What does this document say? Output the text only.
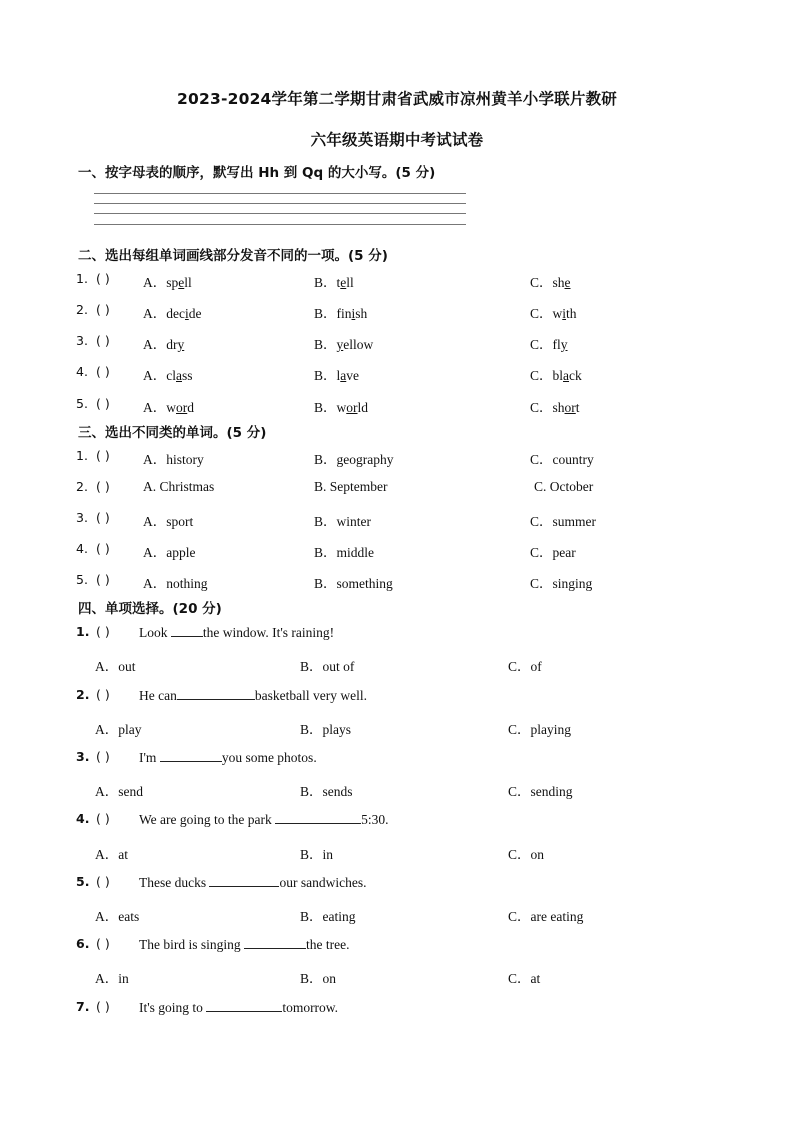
2023-2024学年第二学期甘肃省武威市凉州黄羊小学联片教研
六年级英语期中考试试卷
一、按字母表的顺序，默写出 Hh 到 Qq 的大小写。(5 分)
二、选出每组单词画线部分发音不同的一项。(5 分)
1. ( ) A．spell	B．tell	C．she
2. ( ) A．decide	B．finish	C．with
3. ( ) A．dry	B．yellow	C．fly
4. ( ) A．class	B．lave	C．black
5. ( ) A．word	B．world	C．short
三、选出不同类的单词。(5 分)
1. ( ) A．history	B．geography	C．country
2. ( ) A. Christmas	B. September	C. October
3. ( ) A．sport	B．winter	C．summer
4. ( ) A．apple	B．middle	C．pear
5. ( ) A．nothing	B．something	C．singing
四、单项选择。(20 分)
1. ( ) Look the window. It's raining!
A．out	B．out of	C．of
2. ( ) He can	basketball very well.
A．play	B．plays	C．playing
3. ( ) I'm	you some photos.
A．send	B．sends	C．sending
4. ( ) We are going to the park	5:30.
A．at	B．in	C．on
5. ( ) These ducks	our sandwiches.
A．eats	B．eating	C．are eating
6. ( ) The bird is singing	the tree.
A．in	B．on	C．at
7. ( ) It's going to	tomorrow.
